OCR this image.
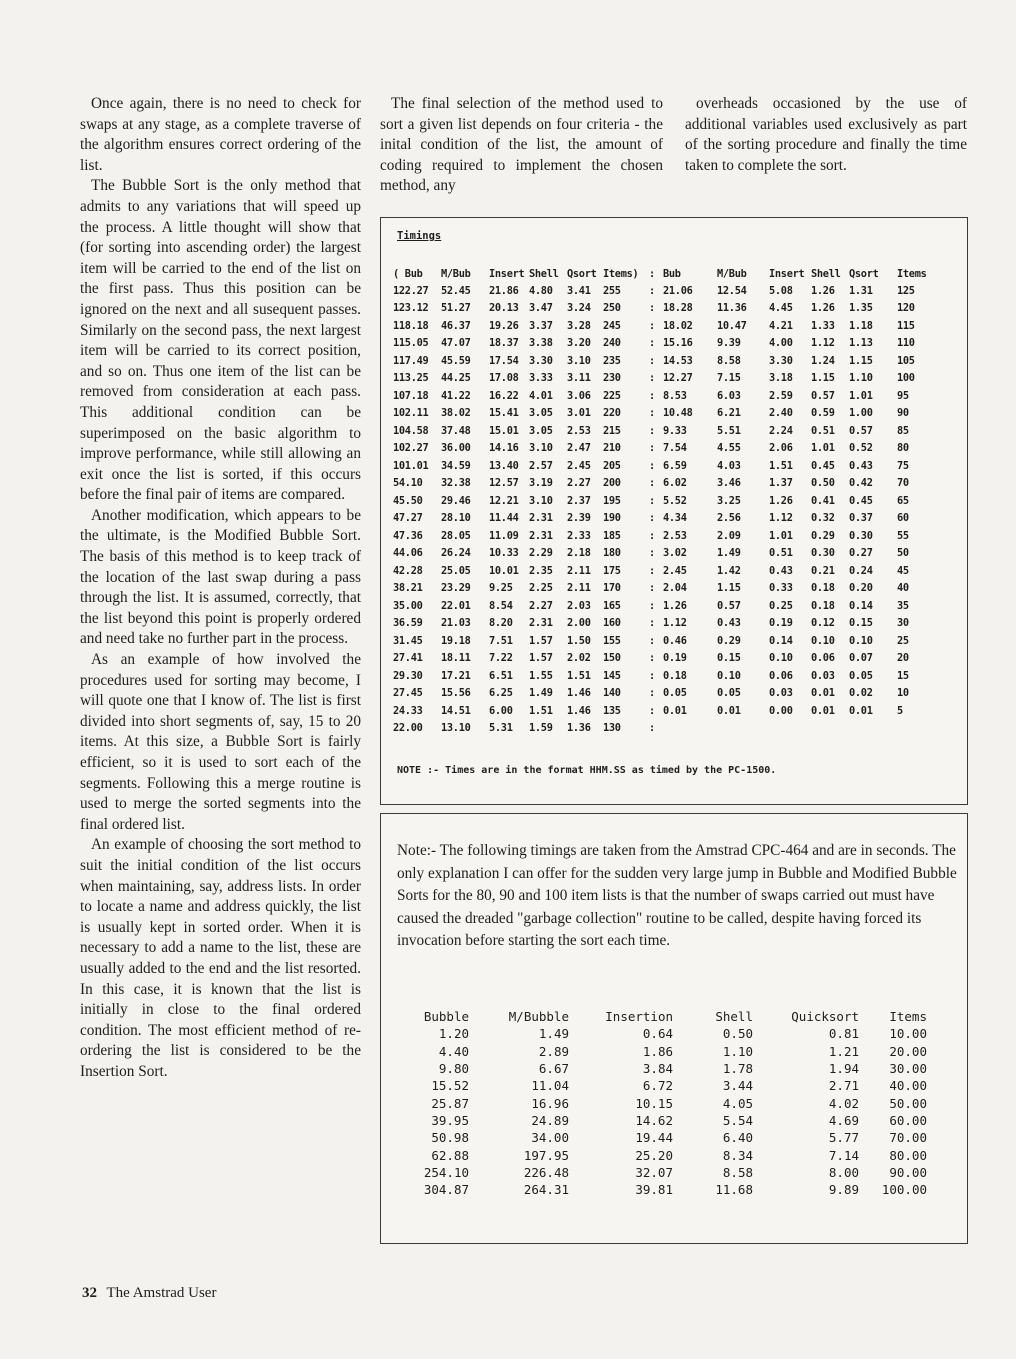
Once again, there is no need to check for swaps at any stage, as a complete traverse of the algorithm ensures correct ordering of the list.

The Bubble Sort is the only method that admits to any variations that will speed up the process. A little thought will show that (for sorting into ascending order) the largest item will be carried to the end of the list on the first pass. Thus this position can be ignored on the next and all susequent passes. Similarly on the second pass, the next largest item will be carried to its correct position, and so on. Thus one item of the list can be removed from consideration at each pass. This additional condition can be superimposed on the basic algorithm to improve performance, while still allowing an exit once the list is sorted, if this occurs before the final pair of items are compared.

Another modification, which appears to be the ultimate, is the Modified Bubble Sort. The basis of this method is to keep track of the location of the last swap during a pass through the list. It is assumed, correctly, that the list beyond this point is properly ordered and need take no further part in the process.

As an example of how involved the procedures used for sorting may become, I will quote one that I know of. The list is first divided into short segments of, say, 15 to 20 items. At this size, a Bubble Sort is fairly efficient, so it is used to sort each of the segments. Following this a merge routine is used to merge the sorted segments into the final ordered list.

An example of choosing the sort method to suit the initial condition of the list occurs when maintaining, say, address lists. In order to locate a name and address quickly, the list is usually kept in sorted order. When it is necessary to add a name to the list, these are usually added to the end and the list resorted. In this case, it is known that the list is initially in close to the final ordered condition. The most efficient method of re-ordering the list is considered to be the Insertion Sort.

The final selection of the method used to sort a given list depends on four criteria - the inital condition of the list, the amount of coding required to implement the chosen method, any

overheads occasioned by the use of additional variables used exclusively as part of the sorting procedure and finally the time taken to complete the sort.

Timings
( Bub	M/Bub	Insert	Shell	Qsort	Items)	:	Bub	M/Bub	Insert	Shell	Qsort	Items
122.27	52.45	21.86	4.80	3.41	255	:	21.06	12.54	5.08	1.26	1.31	125
123.12	51.27	20.13	3.47	3.24	250	:	18.28	11.36	4.45	1.26	1.35	120
118.18	46.37	19.26	3.37	3.28	245	:	18.02	10.47	4.21	1.33	1.18	115
115.05	47.07	18.37	3.38	3.20	240	:	15.16	9.39	4.00	1.12	1.13	110
117.49	45.59	17.54	3.30	3.10	235	:	14.53	8.58	3.30	1.24	1.15	105
113.25	44.25	17.08	3.33	3.11	230	:	12.27	7.15	3.18	1.15	1.10	100
107.18	41.22	16.22	4.01	3.06	225	:	8.53	6.03	2.59	0.57	1.01	95
102.11	38.02	15.41	3.05	3.01	220	:	10.48	6.21	2.40	0.59	1.00	90
104.58	37.48	15.01	3.05	2.53	215	:	9.33	5.51	2.24	0.51	0.57	85
102.27	36.00	14.16	3.10	2.47	210	:	7.54	4.55	2.06	1.01	0.52	80
101.01	34.59	13.40	2.57	2.45	205	:	6.59	4.03	1.51	0.45	0.43	75
54.10	32.38	12.57	3.19	2.27	200	:	6.02	3.46	1.37	0.50	0.42	70
45.50	29.46	12.21	3.10	2.37	195	:	5.52	3.25	1.26	0.41	0.45	65
47.27	28.10	11.44	2.31	2.39	190	:	4.34	2.56	1.12	0.32	0.37	60
47.36	28.05	11.09	2.31	2.33	185	:	2.53	2.09	1.01	0.29	0.30	55
44.06	26.24	10.33	2.29	2.18	180	:	3.02	1.49	0.51	0.30	0.27	50
42.28	25.05	10.01	2.35	2.11	175	:	2.45	1.42	0.43	0.21	0.24	45
38.21	23.29	9.25	2.25	2.11	170	:	2.04	1.15	0.33	0.18	0.20	40
35.00	22.01	8.54	2.27	2.03	165	:	1.26	0.57	0.25	0.18	0.14	35
36.59	21.03	8.20	2.31	2.00	160	:	1.12	0.43	0.19	0.12	0.15	30
31.45	19.18	7.51	1.57	1.50	155	:	0.46	0.29	0.14	0.10	0.10	25
27.41	18.11	7.22	1.57	2.02	150	:	0.19	0.15	0.10	0.06	0.07	20
29.30	17.21	6.51	1.55	1.51	145	:	0.18	0.10	0.06	0.03	0.05	15
27.45	15.56	6.25	1.49	1.46	140	:	0.05	0.05	0.03	0.01	0.02	10
24.33	14.51	6.00	1.51	1.46	135	:	0.01	0.01	0.00	0.01	0.01	5
22.00	13.10	5.31	1.59	1.36	130	:						
NOTE :- Times are in the format HHM.SS as timed by the PC-1500.
Note:- The following timings are taken from the Amstrad CPC-464 and are in seconds. The only explanation I can offer for the sudden very large jump in Bubble and Modified Bubble Sorts for the 80, 90 and 100 item lists is that the number of swaps carried out must have caused the dreaded "garbage collection" routine to be called, despite having forced its invocation before starting the sort each time.
Bubble	M/Bubble	Insertion	Shell	Quicksort	Items
1.20	1.49	0.64	0.50	0.81	10.00
4.40	2.89	1.86	1.10	1.21	20.00
9.80	6.67	3.84	1.78	1.94	30.00
15.52	11.04	6.72	3.44	2.71	40.00
25.87	16.96	10.15	4.05	4.02	50.00
39.95	24.89	14.62	5.54	4.69	60.00
50.98	34.00	19.44	6.40	5.77	70.00
62.88	197.95	25.20	8.34	7.14	80.00
254.10	226.48	32.07	8.58	8.00	90.00
304.87	264.31	39.81	11.68	9.89	100.00
32 The Amstrad User
